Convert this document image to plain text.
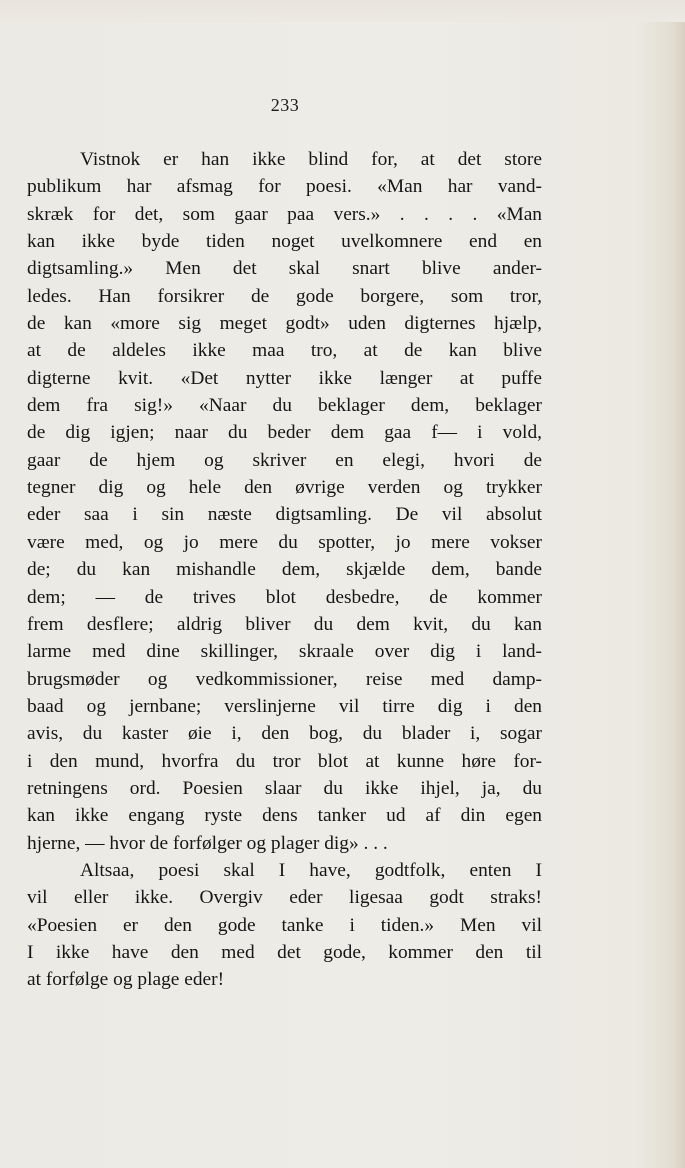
233
Vistnok er han ikke blind for, at det store
publikum har afsmag for poesi. «Man har vand-
skræk for det, som gaar paa vers.» . . . . «Man
kan ikke byde tiden noget uvelkomnere end en
digtsamling.» Men det skal snart blive ander-
ledes. Han forsikrer de gode borgere, som tror,
de kan «more sig meget godt» uden digternes hjælp,
at de aldeles ikke maa tro, at de kan blive
digterne kvit. «Det nytter ikke længer at puffe
dem fra sig!» «Naar du beklager dem, beklager
de dig igjen; naar du beder dem gaa f— i vold,
gaar de hjem og skriver en elegi, hvori de
tegner dig og hele den øvrige verden og trykker
eder saa i sin næste digtsamling. De vil absolut
være med, og jo mere du spotter, jo mere vokser
de; du kan mishandle dem, skjælde dem, bande
dem; — de trives blot desbedre, de kommer
frem desflere; aldrig bliver du dem kvit, du kan
larme med dine skillinger, skraale over dig i land-
brugsmøder og vedkommissioner, reise med damp-
baad og jernbane; verslinjerne vil tirre dig i den
avis, du kaster øie i, den bog, du blader i, sogar
i den mund, hvorfra du tror blot at kunne høre for-
retningens ord. Poesien slaar du ikke ihjel, ja, du
kan ikke engang ryste dens tanker ud af din egen
hjerne, — hvor de forfølger og plager dig» . . .
Altsaa, poesi skal I have, godtfolk, enten I
vil eller ikke. Overgiv eder ligesaa godt straks!
«Poesien er den gode tanke i tiden.» Men vil
I ikke have den med det gode, kommer den til
at forfølge og plage eder!
